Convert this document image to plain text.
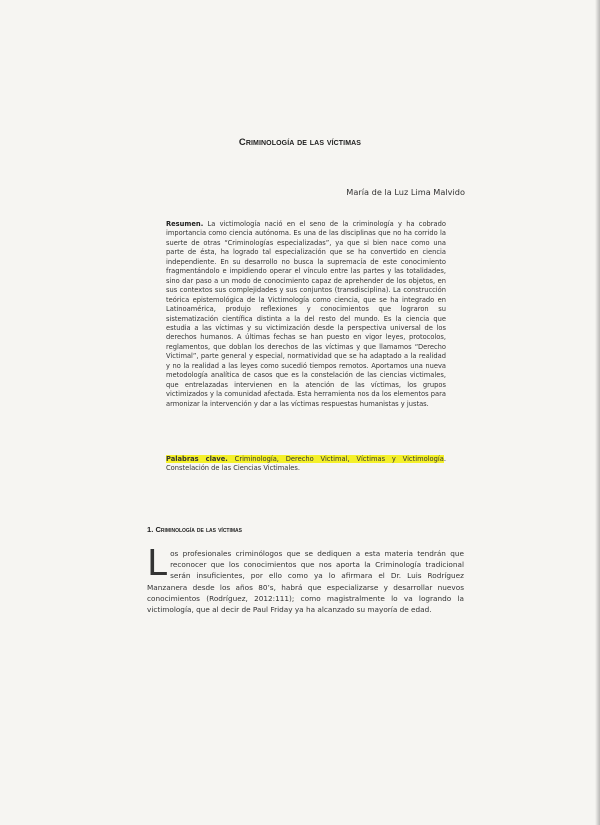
Criminología de las víctimas
María de la Luz Lima Malvido

Resumen. La victimología nació en el seno de la criminología y ha cobrado importancia como ciencia autónoma. Es una de las disciplinas que no ha corrido la suerte de otras “Criminologías especializadas”, ya que si bien nace como una parte de ésta, ha logrado tal especialización que se ha convertido en ciencia independiente. En su desarrollo no busca la supremacía de este conocimiento fragmentándolo e impidiendo operar el vínculo entre las partes y las totalidades, sino dar paso a un modo de conocimiento capaz de aprehender de los objetos, en sus contextos sus complejidades y sus conjuntos (transdisciplina). La construcción teórica epistemológica de la Victimología como ciencia, que se ha integrado en Latinoamérica, produjo reflexiones y conocimientos que lograron su sistematización científica distinta a la del resto del mundo. Es la ciencia que estudia a las víctimas y su victimización desde la perspectiva universal de los derechos humanos. A últimas fechas se han puesto en vigor leyes, protocolos, reglamentos, que doblan los derechos de las víctimas y que llamamos “Derecho Victimal”, parte general y especial, normatividad que se ha adaptado a la realidad y no la realidad a las leyes como sucedió tiempos remotos. Aportamos una nueva metodología analítica de casos que es la constelación de las ciencias victimales, que entrelazadas intervienen en la atención de las víctimas, los grupos victimizados y la comunidad afectada. Esta herramienta nos da los elementos para armonizar la intervención y dar a las víctimas respuestas humanistas y justas.

Palabras clave. Criminología, Derecho Victimal, Víctimas y Victimología. Constelación de las Ciencias Victimales.

1. Criminología de las víctimas

Los profesionales criminólogos que se dediquen a esta materia tendrán que reconocer que los conocimientos que nos aporta la Criminología tradicional serán insuficientes, por ello como ya lo afirmara el Dr. Luis Rodríguez Manzanera desde los años 80’s, habrá que especializarse y desarrollar nuevos conocimientos (Rodríguez, 2012:111); como magistralmente lo va logrando la victimología, que al decir de Paul Friday ya ha alcanzado su mayoría de edad.
